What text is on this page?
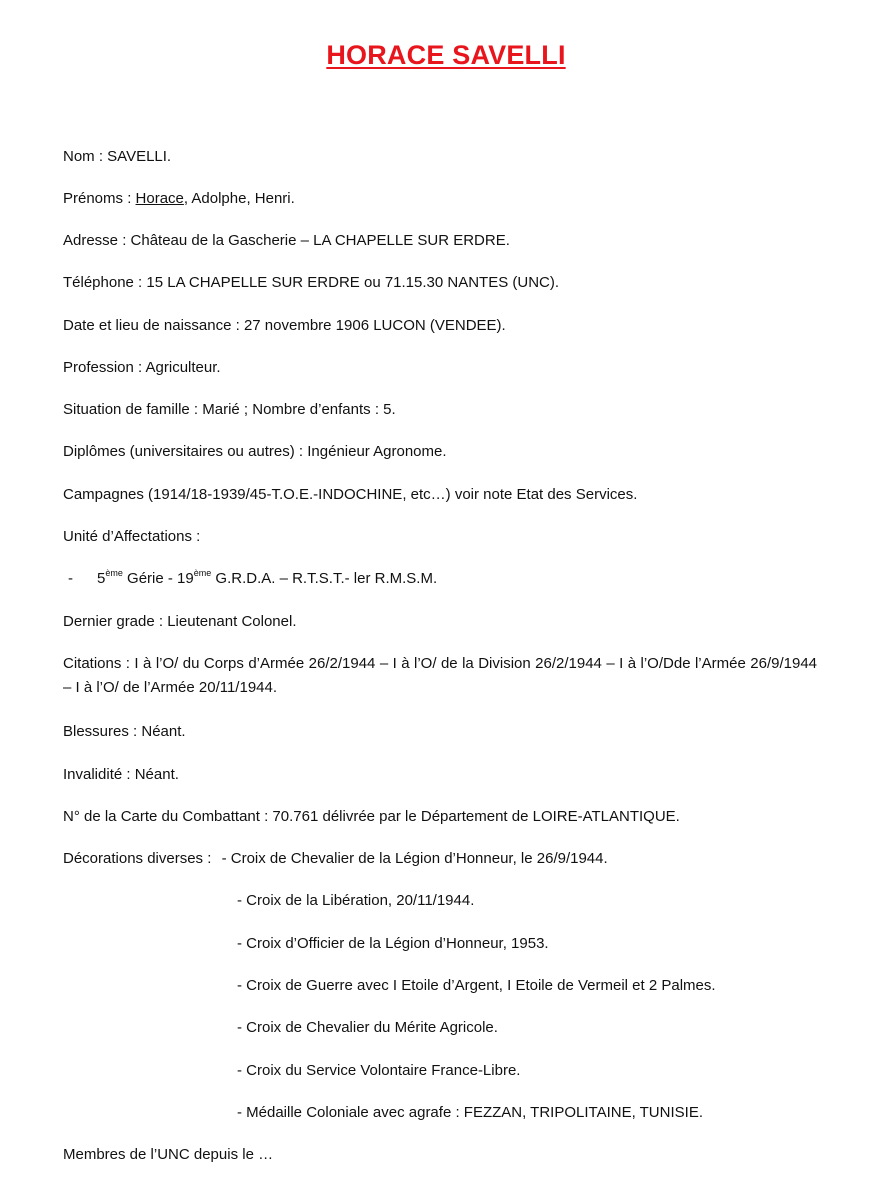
HORACE SAVELLI
Nom : SAVELLI.
Prénoms : Horace, Adolphe, Henri.
Adresse : Château de la Gascherie – LA CHAPELLE SUR ERDRE.
Téléphone : 15 LA CHAPELLE SUR ERDRE ou 71.15.30 NANTES (UNC).
Date et lieu de naissance : 27 novembre 1906 LUCON (VENDEE).
Profession : Agriculteur.
Situation de famille : Marié ; Nombre d’enfants : 5.
Diplômes (universitaires ou autres) : Ingénieur Agronome.
Campagnes (1914/18-1939/45-T.O.E.-INDOCHINE, etc…) voir note Etat des Services.
Unité d’Affectations :
- 5ème Gérie - 19ème G.R.D.A. – R.T.S.T.- ler R.M.S.M.
Dernier grade : Lieutenant Colonel.
Citations : I à l’O/ du Corps d’Armée 26/2/1944 – I à l’O/ de la Division 26/2/1944 – I à l’O/Dde l’Armée 26/9/1944 – I à l’O/ de l’Armée 20/11/1944.
Blessures : Néant.
Invalidité : Néant.
N° de la Carte du Combattant : 70.761 délivrée par le Département de LOIRE-ATLANTIQUE.
Décorations diverses : - Croix de Chevalier de la Légion d’Honneur, le 26/9/1944.
- Croix de la Libération, 20/11/1944.
- Croix d’Officier de la Légion d’Honneur, 1953.
- Croix de Guerre avec I Etoile d’Argent, I Etoile de Vermeil et 2 Palmes.
- Croix de Chevalier du Mérite Agricole.
- Croix du Service Volontaire France-Libre.
- Médaille Coloniale avec agrafe : FEZZAN, TRIPOLITAINE, TUNISIE.
Membres de l’UNC depuis le …
